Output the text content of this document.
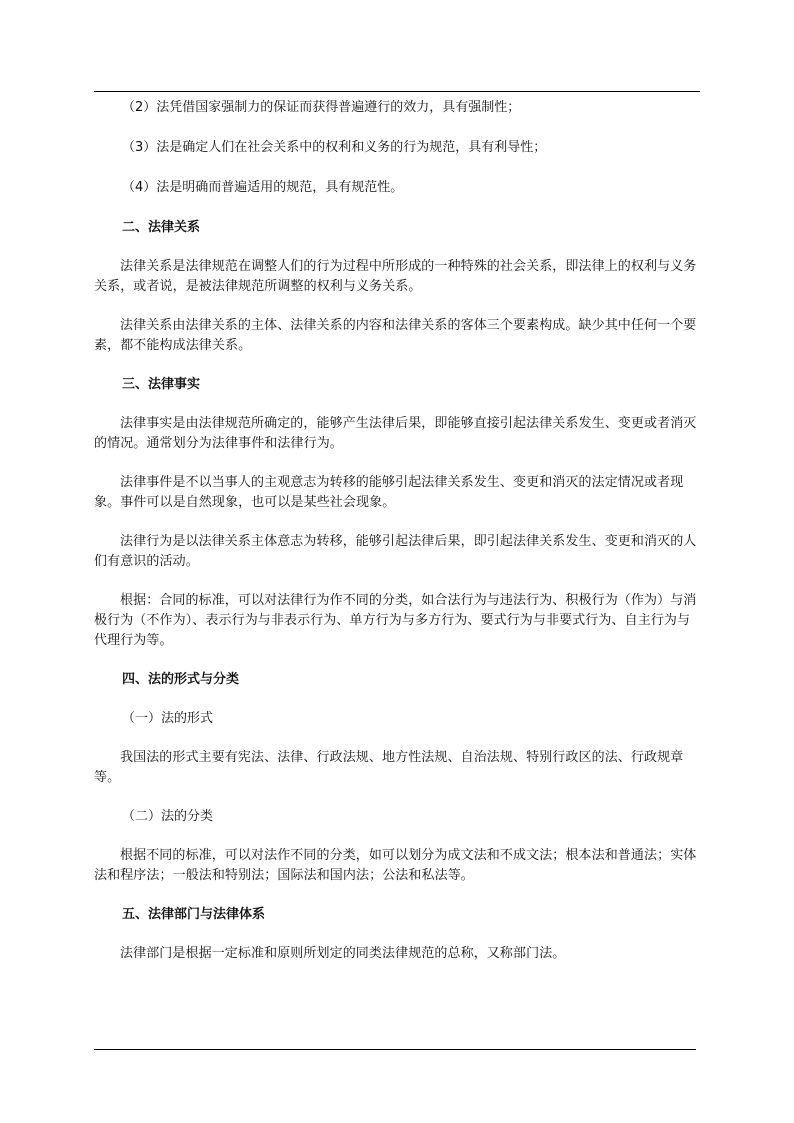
（2）法凭借国家强制力的保证而获得普遍遵行的效力，具有强制性；

（3）法是确定人们在社会关系中的权利和义务的行为规范，具有利导性；

（4）法是明确而普遍适用的规范，具有规范性。

二、法律关系

法律关系是法律规范在调整人们的行为过程中所形成的一种特殊的社会关系，即法律上的权利与义务关系，或者说，是被法律规范所调整的权利与义务关系。

法律关系由法律关系的主体、法律关系的内容和法律关系的客体三个要素构成。缺少其中任何一个要素，都不能构成法律关系。

三、法律事实

法律事实是由法律规范所确定的，能够产生法律后果，即能够直接引起法律关系发生、变更或者消灭的情况。通常划分为法律事件和法律行为。

法律事件是不以当事人的主观意志为转移的能够引起法律关系发生、变更和消灭的法定情况或者现象。事件可以是自然现象，也可以是某些社会现象。

法律行为是以法律关系主体意志为转移，能够引起法律后果，即引起法律关系发生、变更和消灭的人们有意识的活动。

根据：合同的标准，可以对法律行为作不同的分类，如合法行为与违法行为、积极行为（作为）与消极行为（不作为）、表示行为与非表示行为、单方行为与多方行为、要式行为与非要式行为、自主行为与代理行为等。

四、法的形式与分类

（一）法的形式

我国法的形式主要有宪法、法律、行政法规、地方性法规、自治法规、特别行政区的法、行政规章等。

（二）法的分类

根据不同的标准，可以对法作不同的分类，如可以划分为成文法和不成文法；根本法和普通法；实体法和程序法；一般法和特别法；国际法和国内法；公法和私法等。

五、法律部门与法律体系

法律部门是根据一定标准和原则所划定的同类法律规范的总称，又称部门法。
